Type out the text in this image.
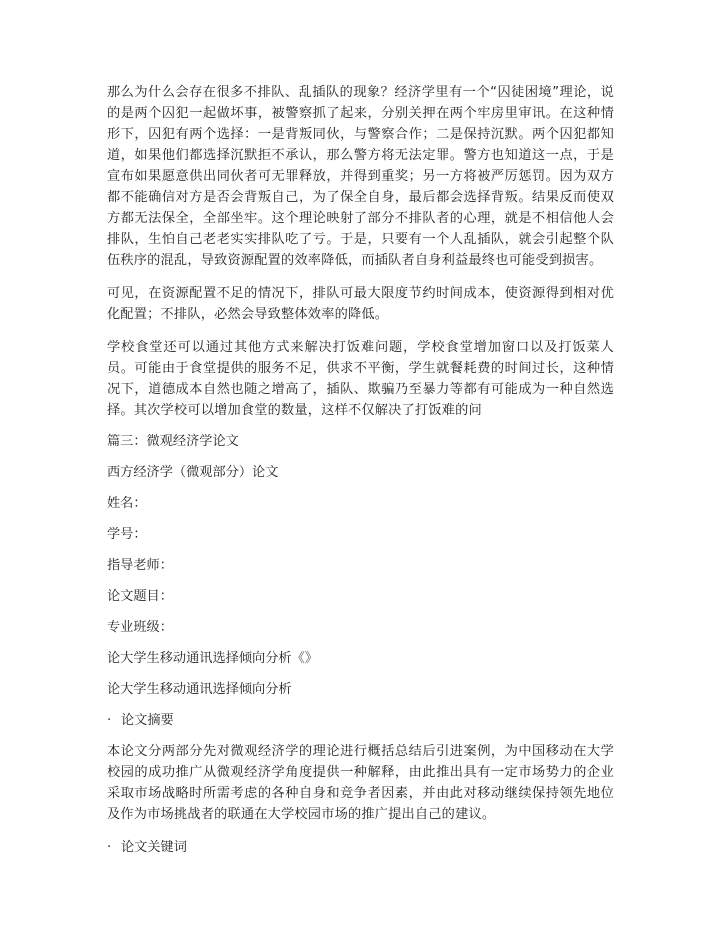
那么为什么会存在很多不排队、乱插队的现象？经济学里有一个“囚徒困境”理论，说的是两个囚犯一起做坏事，被警察抓了起来，分别关押在两个牢房里审讯。在这种情形下，囚犯有两个选择：一是背叛同伙，与警察合作；二是保持沉默。两个囚犯都知道，如果他们都选择沉默拒不承认，那么警方将无法定罪。警方也知道这一点，于是宣布如果愿意供出同伙者可无罪释放，并得到重奖；另一方将被严厉惩罚。因为双方都不能确信对方是否会背叛自己，为了保全自身，最后都会选择背叛。结果反而使双方都无法保全，全部坐牢。这个理论映射了部分不排队者的心理，就是不相信他人会排队，生怕自己老老实实排队吃了亏。于是，只要有一个人乱插队，就会引起整个队伍秩序的混乱，导致资源配置的效率降低，而插队者自身利益最终也可能受到损害。

可见，在资源配置不足的情况下，排队可最大限度节约时间成本，使资源得到相对优化配置；不排队，必然会导致整体效率的降低。

学校食堂还可以通过其他方式来解决打饭难问题，学校食堂增加窗口以及打饭菜人员。可能由于食堂提供的服务不足，供求不平衡，学生就餐耗费的时间过长，这种情况下，道德成本自然也随之增高了，插队、欺骗乃至暴力等都有可能成为一种自然选择。其次学校可以增加食堂的数量，这样不仅解决了打饭难的问

篇三：微观经济学论文
西方经济学（微观部分）论文
姓名：
学号：
指导老师：
论文题目：
专业班级：
论大学生移动通讯选择倾向分析《》
论大学生移动通讯选择倾向分析
· 论文摘要

本论文分两部分先对微观经济学的理论进行概括总结后引进案例，为中国移动在大学校园的成功推广从微观经济学角度提供一种解释，由此推出具有一定市场势力的企业采取市场战略时所需考虑的各种自身和竞争者因素，并由此对移动继续保持领先地位及作为市场挑战者的联通在大学校园市场的推广提出自己的建议。

· 论文关键词
